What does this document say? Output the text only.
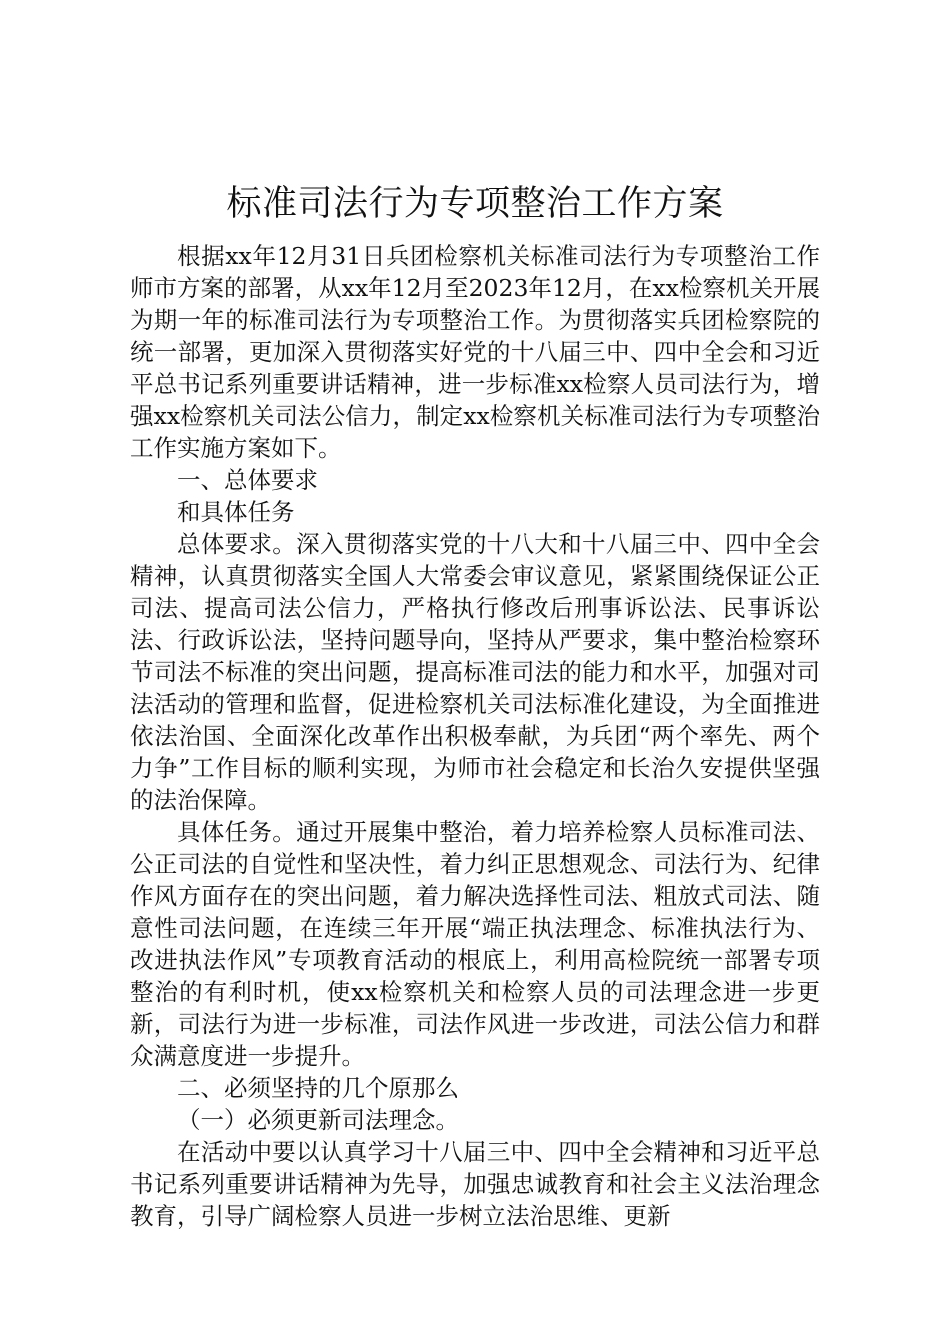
标准司法行为专项整治工作方案

根据xx年12月31日兵团检察机关标准司法行为专项整治工作师市方案的部署，从xx年12月至2023年12月，在xx检察机关开展为期一年的标准司法行为专项整治工作。为贯彻落实兵团检察院的统一部署，更加深入贯彻落实好党的十八届三中、四中全会和习近平总书记系列重要讲话精神，进一步标准xx检察人员司法行为，增强xx检察机关司法公信力，制定xx检察机关标准司法行为专项整治工作实施方案如下。

一、总体要求

和具体任务

总体要求。深入贯彻落实党的十八大和十八届三中、四中全会精神，认真贯彻落实全国人大常委会审议意见，紧紧围绕保证公正司法、提高司法公信力，严格执行修改后刑事诉讼法、民事诉讼法、行政诉讼法，坚持问题导向，坚持从严要求，集中整治检察环节司法不标准的突出问题，提高标准司法的能力和水平，加强对司法活动的管理和监督，促进检察机关司法标准化建设，为全面推进依法治国、全面深化改革作出积极奉献，为兵团“两个率先、两个力争”工作目标的顺利实现，为师市社会稳定和长治久安提供坚强的法治保障。

具体任务。通过开展集中整治，着力培养检察人员标准司法、公正司法的自觉性和坚决性，着力纠正思想观念、司法行为、纪律作风方面存在的突出问题，着力解决选择性司法、粗放式司法、随意性司法问题，在连续三年开展“端正执法理念、标准执法行为、改进执法作风”专项教育活动的根底上，利用高检院统一部署专项整治的有利时机，使xx检察机关和检察人员的司法理念进一步更新，司法行为进一步标准，司法作风进一步改进，司法公信力和群众满意度进一步提升。

二、必须坚持的几个原那么

（一）必须更新司法理念。

在活动中要以认真学习十八届三中、四中全会精神和习近平总书记系列重要讲话精神为先导，加强忠诚教育和社会主义法治理念教育，引导广阔检察人员进一步树立法治思维、更新
